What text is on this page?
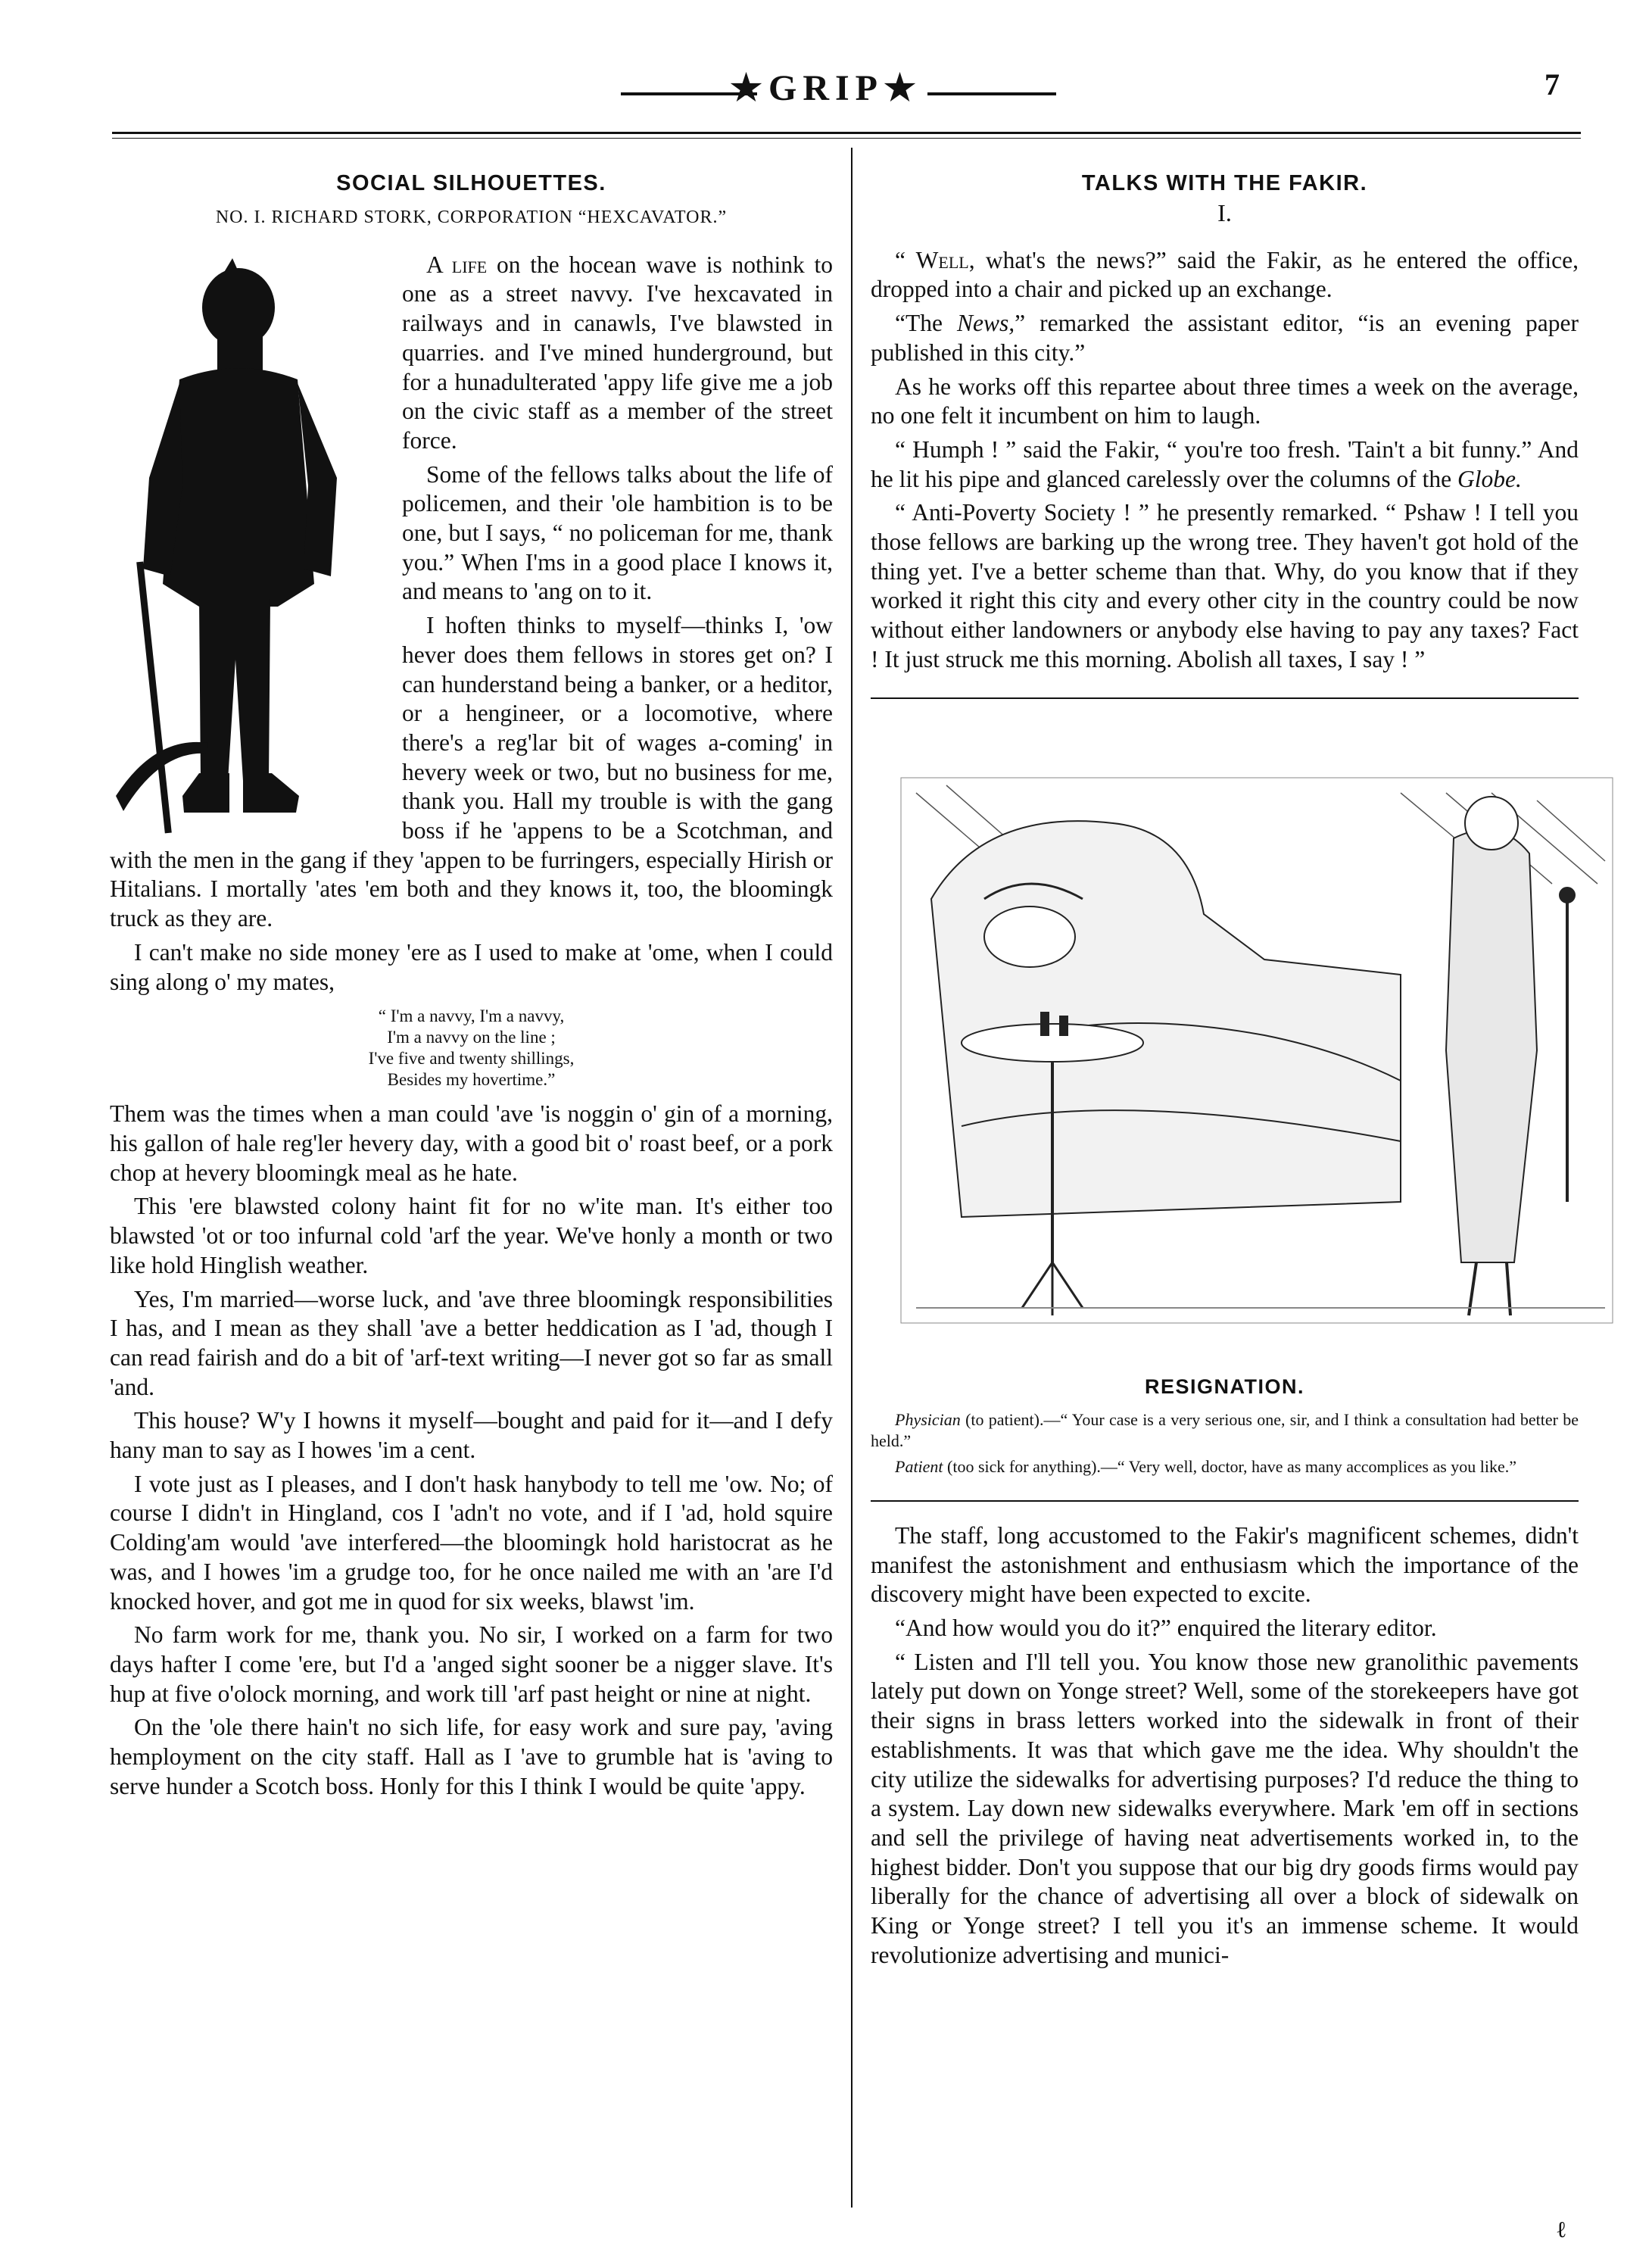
★GRIP★	7
SOCIAL SILHOUETTES.
NO. I. RICHARD STORK, CORPORATION “HEXCAVATOR.”

A life on the hocean wave is nothink to one as a street navvy. I've hexcavated in railways and in canawls, I've blawsted in quarries. and I've mined hunderground, but for a hunadulterated 'appy life give me a job on the civic staff as a member of the street force.

Some of the fellows talks about the life of policemen, and their 'ole hambition is to be one, but I says, “ no policeman for me, thank you.” When I'ms in a good place I knows it, and means to 'ang on to it.

I hoften thinks to myself—thinks I, 'ow hever does them fellows in stores get on? I can hunderstand being a banker, or a heditor, or a hengineer, or a locomotive, where there's a reg'lar bit of wages a-coming' in hevery week or two, but no business for me, thank you. Hall my trouble is with the gang boss if he 'appens to be a Scotchman, and with the men in the gang if they 'appen to be furringers, especially Hirish or Hitalians. I mortally 'ates 'em both and they knows it, too, the bloomingk truck as they are.

I can't make no side money 'ere as I used to make at 'ome, when I could sing along o' my mates,

“ I'm a navvy, I'm a navvy,
I'm a navvy on the line ;
I've five and twenty shillings,
Besides my hovertime.”

Them was the times when a man could 'ave 'is noggin o' gin of a morning, his gallon of hale reg'ler hevery day, with a good bit o' roast beef, or a pork chop at hevery bloomingk meal as he hate.

This 'ere blawsted colony haint fit for no w'ite man. It's either too blawsted 'ot or too infurnal cold 'arf the year. We've honly a month or two like hold Hinglish weather.

Yes, I'm married—worse luck, and 'ave three bloomingk responsibilities I has, and I mean as they shall 'ave a better heddication as I 'ad, though I can read fairish and do a bit of 'arf-text writing—I never got so far as small 'and.

This house? W'y I howns it myself—bought and paid for it—and I defy hany man to say as I howes 'im a cent.

I vote just as I pleases, and I don't hask hanybody to tell me 'ow. No; of course I didn't in Hingland, cos I 'adn't no vote, and if I 'ad, hold squire Colding'am would 'ave interfered—the bloomingk hold haristocrat as he was, and I howes 'im a grudge too, for he once nailed me with an 'are I'd knocked hover, and got me in quod for six weeks, blawst 'im.

No farm work for me, thank you. No sir, I worked on a farm for two days hafter I come 'ere, but I'd a 'anged sight sooner be a nigger slave. It's hup at five o'olock morning, and work till 'arf past height or nine at night.

On the 'ole there hain't no sich life, for easy work and sure pay, 'aving hemployment on the city staff. Hall as I 'ave to grumble hat is 'aving to serve hunder a Scotch boss. Honly for this I think I would be quite 'appy.

TALKS WITH THE FAKIR.
I.

“ Well, what's the news?” said the Fakir, as he entered the office, dropped into a chair and picked up an exchange.

“The News,” remarked the assistant editor, “is an evening paper published in this city.”

As he works off this repartee about three times a week on the average, no one felt it incumbent on him to laugh.

“ Humph ! ” said the Fakir, “ you're too fresh. 'Tain't a bit funny.” And he lit his pipe and glanced carelessly over the columns of the Globe.

“ Anti-Poverty Society ! ” he presently remarked. “ Pshaw ! I tell you those fellows are barking up the wrong tree. They haven't got hold of the thing yet. I've a better scheme than that. Why, do you know that if they worked it right this city and every other city in the country could be now without either landowners or anybody else having to pay any taxes? Fact ! It just struck me this morning. Abolish all taxes, I say ! ”

RESIGNATION.

Physician (to patient).—“ Your case is a very serious one, sir, and I think a consultation had better be held.”

Patient (too sick for anything).—“ Very well, doctor, have as many accomplices as you like.”

The staff, long accustomed to the Fakir's magnificent schemes, didn't manifest the astonishment and enthusiasm which the importance of the discovery might have been expected to excite.

“And how would you do it?” enquired the literary editor.

“ Listen and I'll tell you. You know those new granolithic pavements lately put down on Yonge street? Well, some of the storekeepers have got their signs in brass letters worked into the sidewalk in front of their establishments. It was that which gave me the idea. Why shouldn't the city utilize the sidewalks for advertising purposes? I'd reduce the thing to a system. Lay down new sidewalks everywhere. Mark 'em off in sections and sell the privilege of having neat advertisements worked in, to the highest bidder. Don't you suppose that our big dry goods firms would pay liberally for the chance of advertising all over a block of sidewalk on King or Yonge street? I tell you it's an immense scheme. It would revolutionize advertising and munici-

ℓ
